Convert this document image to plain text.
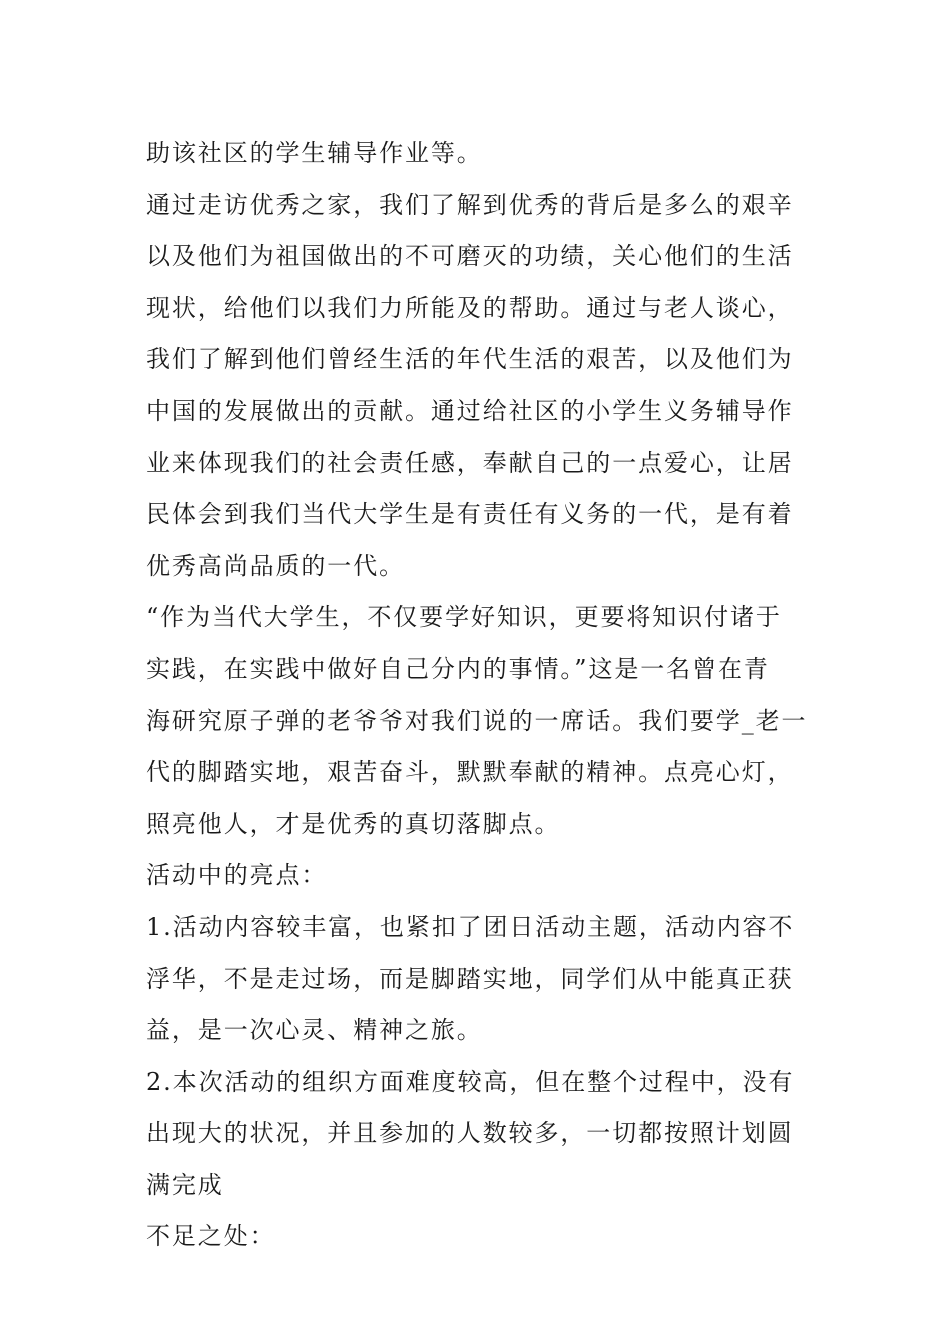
助该社区的学生辅导作业等。
通过走访优秀之家，我们了解到优秀的背后是多么的艰辛
以及他们为祖国做出的不可磨灭的功绩，关心他们的生活
现状，给他们以我们力所能及的帮助。通过与老人谈心，
我们了解到他们曾经生活的年代生活的艰苦，以及他们为
中国的发展做出的贡献。通过给社区的小学生义务辅导作
业来体现我们的社会责任感，奉献自己的一点爱心，让居
民体会到我们当代大学生是有责任有义务的一代，是有着
优秀高尚品质的一代。
“作为当代大学生，不仅要学好知识，更要将知识付诸于
实践，在实践中做好自己分内的事情。”这是一名曾在青
海研究原子弹的老爷爷对我们说的一席话。我们要学_老一
代的脚踏实地，艰苦奋斗，默默奉献的精神。点亮心灯，
照亮他人，才是优秀的真切落脚点。
活动中的亮点：
1.活动内容较丰富，也紧扣了团日活动主题，活动内容不
浮华，不是走过场，而是脚踏实地，同学们从中能真正获
益，是一次心灵、精神之旅。
2.本次活动的组织方面难度较高，但在整个过程中，没有
出现大的状况，并且参加的人数较多，一切都按照计划圆
满完成
不足之处：
